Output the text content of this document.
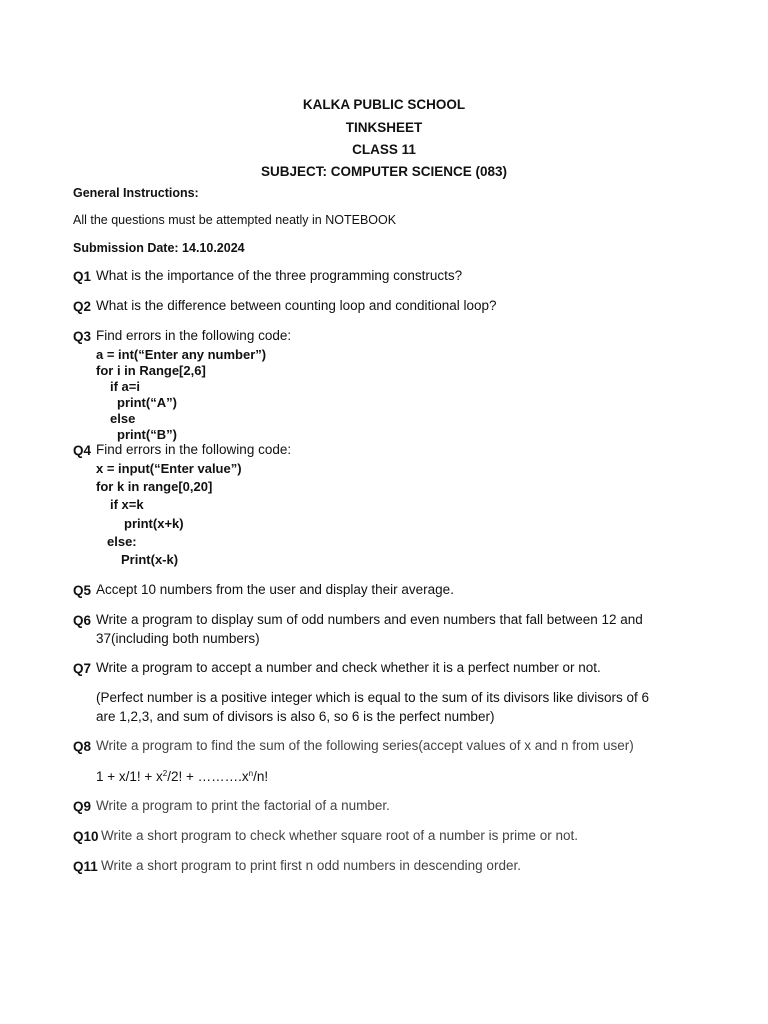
KALKA PUBLIC SCHOOL
TINKSHEET
CLASS 11
SUBJECT: COMPUTER SCIENCE (083)
General Instructions:
All the questions must be attempted neatly in NOTEBOOK
Submission Date: 14.10.2024
Q1 What is the importance of the three programming constructs?
Q2 What is the difference between counting loop and conditional loop?
Q3 Find errors in the following code:
a = int(“Enter any number”)
for i in Range[2,6]
if a=i
print(“A”)
else
print(“B”)
Q4 Find errors in the following code:
x = input(“Enter value”)
for k in range[0,20]
if x=k
print(x+k)
else:
Print(x-k)
Q5 Accept 10 numbers from the user and display their average.
Q6 Write a program to display sum of odd numbers and even numbers that fall between 12 and
37(including both numbers)
Q7 Write a program to accept a number and check whether it is a perfect number or not.
(Perfect number is a positive integer which is equal to the sum of its divisors like divisors of 6
are 1,2,3, and sum of divisors is also 6, so 6 is the perfect number)
Q8 Write a program to find the sum of the following series(accept values of x and n from user)
1 + x/1! + $x^2/2$! + $\dots\dots\dots.x^n/n$!
Q9 Write a program to print the factorial of a number.
Q10 Write a short program to check whether square root of a number is prime or not.
Q11 Write a short program to print first n odd numbers in descending order.
